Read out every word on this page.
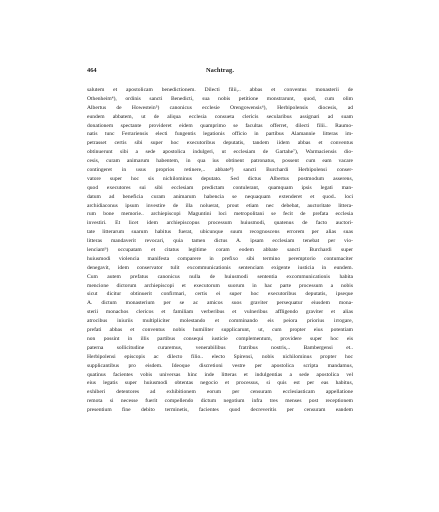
464	Nachtrag.
salutem et apostolicam benedictionem. Dilecti filii,.. abbas et conventus monasterii de
Othenheim⁴), ordinis sancti Benedicti, sua nobis petitione monstrarunt, quod, cum olim
Albertus de Howestein⁵) canonicus ecclesie Orengowensis⁶), Herbipolensis diocesis, ad
eundem abbatem, ut de aliqua ecclesia consueta clericis secularibus assignari ad suam
donationem spectante provideret eidem quamprimo se facultas offerret, dilecti filii.. Raumo-
natis tunc Ferrariensis electi fungentis legationis officio in partibus Alamannie litteras im-
petrasset certis sibi super hoc executoribus deputatis, tandem iidem abbas et conventus
obtinuerunt sibi a sede apostolica indulgeri, ut ecclesiam de Gartahe⁷), Warmaciensis dio-
cesis, curam animarum habentem, in qua ius obtinent patronatus, possent cum eam vacare
contingeret in usus proprios retinere,.. abbate⁸) sancti Burchardi Herbipolensi conser-
vatore super hoc sis nichilominus deputato. Sed dictus Albertus postmodum asserens,
quod executores sui sibi ecclesiam predictam contulerant, quamquam ipsis legati man-
datum ad beneficia curam animarum habencia se nequaquam extenderet et quod.. loci
archidiaconus ipsum investire de illa noluerat, prout etiam nec debebat, auctoritate littera-
rum bone memorie.. archiepiscopi Maguntini loci metropolitani se fecit de prefata ecclesia
investiri. Et licet idem archiepiscopus processum huiusmodi, quatenus de facto auctori-
tate litterarum suarum habitus fuerat, ubicunque suum recognoscens errorem per alias suas
litteras mandaverit revocari, quia tamen dictus A. ipsam ecclesiam tenebat per vio-
lenciam⁹) occupatam et citatus legitime coram eodem abbate sancti Burchardi super
huiusmodi violencia manifesta comparere in prefixo sibi termino peremptorio contumaciter
denegavit, idem conservator tulit excommunicationis sentenciam exigente iusticia in eundem.
Cum autem prefatus canonicus nulla de huiusmodi sententia excommunicationis habita
mencione dictorum archiepiscopi et executorum suorum in hac parte processum a nobis
sicut dicitur obtinuerit confirmari, certis ei super hoc executoribus deputatis, ipseque
A. dictum monasterium per se ac amicos suos graviter persequatur eiusdem mona-
sterii monachos clericos et familiam verberibus et vulneribus affligendo graviter et alias
atrocibus iniuriis multipliciter molestando et comminando eis peiora priorius irrogare,
prefati abbas et conventus nobis humiliter supplicarunt, ut, cum propter eius potentiam
non possint in illis partibus consequi iusticie complementum, providere super hoc eis
paterna sollicitudine curaremus, venerabilibus fratribus nostris,.. Bambergensi et..
Herbipolensi episcopis ac dilecto filio.. electo Spirensi, nobis nichilominus propter hoc
supplicantibus pro eisdem. Ideoque discretioni vestre per apostolica scripta mandamus,
quatinus facientes vobis universas hinc inde litteras et indulgentias a sede apostolica vel
eius legatis super huiusmodi obtentas negocio et processus, si quis est per eas habitus,
exhiberi detentores ad exhibitionem eorum per censuram ecclesiasticam appellatione
remota si necesse fuerit compellendo dictum negotium infra tres menses post receptionem
presentium fine debito terminetis, facientes quod decreveritis per censuram eandem
